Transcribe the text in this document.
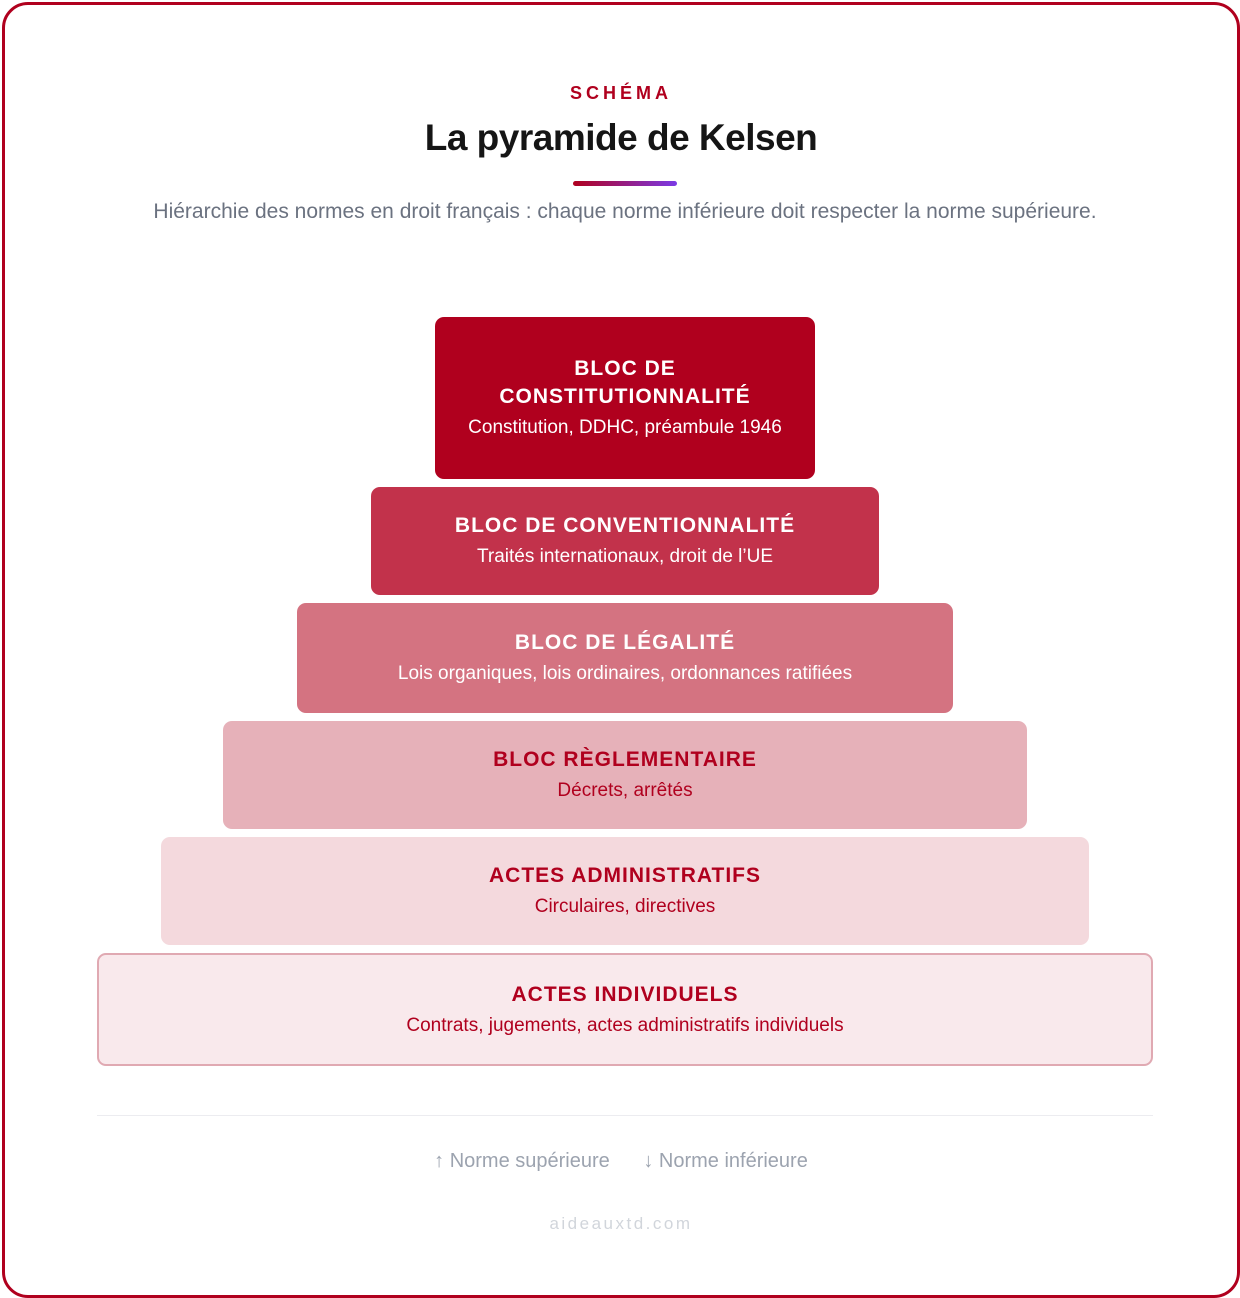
SCHÉMA
La pyramide de Kelsen
Hiérarchie des normes en droit français : chaque norme inférieure doit respecter la norme supérieure.
BLOC DE CONSTITUTIONNALITÉ
Constitution, DDHC, préambule 1946
BLOC DE CONVENTIONNALITÉ
Traités internationaux, droit de l’UE
BLOC DE LÉGALITÉ
Lois organiques, lois ordinaires, ordonnances ratifiées
BLOC RÈGLEMENTAIRE
Décrets, arrêtés
ACTES ADMINISTRATIFS
Circulaires, directives
ACTES INDIVIDUELS
Contrats, jugements, actes administratifs individuels
↑ Norme supérieure ↓ Norme inférieure
aideauxtd.com
